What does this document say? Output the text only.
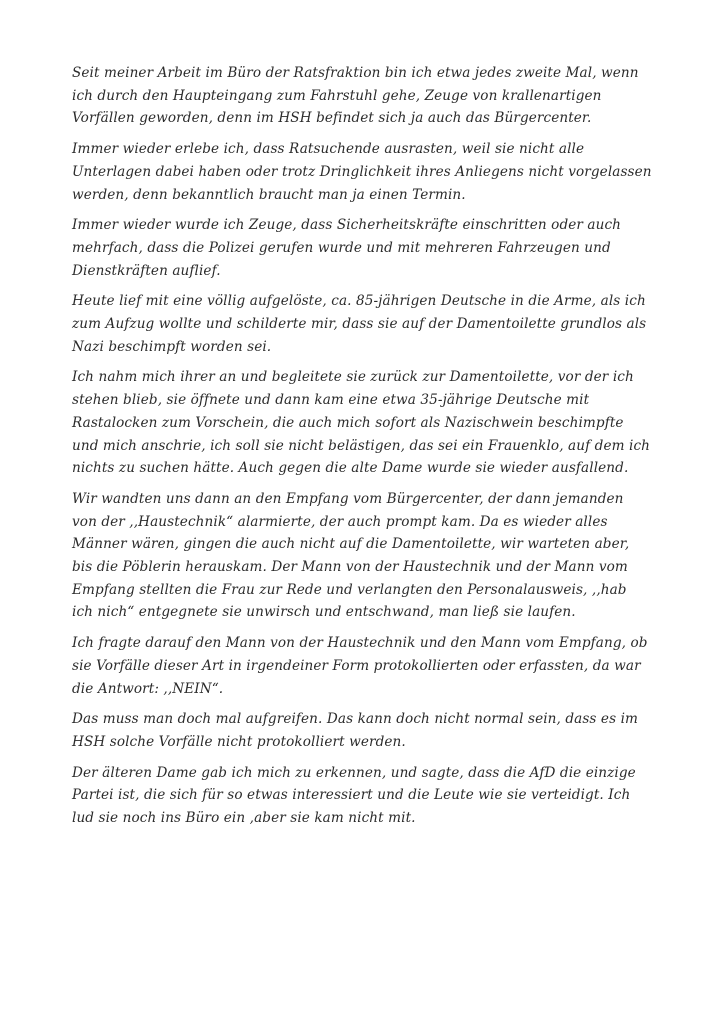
Seit meiner Arbeit im Büro der Ratsfraktion bin ich etwa jedes zweite Mal, wenn ich durch den Haupteingang zum Fahrstuhl gehe, Zeuge von krallenartigen Vorfällen geworden, denn im HSH befindet sich ja auch das Bürgercenter.

Immer wieder erlebe ich, dass Ratsuchende ausrasten, weil sie nicht alle Unterlagen dabei haben oder trotz Dringlichkeit ihres Anliegens nicht vorgelassen werden, denn bekanntlich braucht man ja einen Termin.

Immer wieder wurde ich Zeuge, dass Sicherheitskräfte einschritten oder auch mehrfach, dass die Polizei gerufen wurde und mit mehreren Fahrzeugen und Dienstkräften auflief.

Heute lief mit eine völlig aufgelöste, ca. 85-jährigen Deutsche in die Arme, als ich zum Aufzug wollte und schilderte mir, dass sie auf der Damentoilette grundlos als Nazi beschimpft worden sei.

Ich nahm mich ihrer an und begleitete sie zurück zur Damentoilette, vor der ich stehen blieb, sie öffnete und dann kam eine etwa 35-jährige Deutsche mit Rastalocken zum Vorschein, die auch mich sofort als Nazischwein beschimpfte und mich anschrie, ich soll sie nicht belästigen, das sei ein Frauenklo, auf dem ich nichts zu suchen hätte. Auch gegen die alte Dame wurde sie wieder ausfallend.

Wir wandten uns dann an den Empfang vom Bürgercenter, der dann jemanden von der ,,Haustechnik“ alarmierte, der auch prompt kam. Da es wieder alles Männer wären, gingen die auch nicht auf die Damentoilette, wir warteten aber, bis die Pöblerin herauskam. Der Mann von der Haustechnik und der Mann vom Empfang stellten die Frau zur Rede und verlangten den Personalausweis, ,,hab ich nich“ entgegnete sie unwirsch und entschwand, man ließ sie laufen.

Ich fragte darauf den Mann von der Haustechnik und den Mann vom Empfang, ob sie Vorfälle dieser Art in irgendeiner Form protokollierten oder erfassten, da war die Antwort: ,,NEIN“.

Das muss man doch mal aufgreifen. Das kann doch nicht normal sein, dass es im HSH solche Vorfälle nicht protokolliert werden.

Der älteren Dame gab ich mich zu erkennen, und sagte, dass die AfD die einzige Partei ist, die sich für so etwas interessiert und die Leute wie sie verteidigt. Ich lud sie noch ins Büro ein ,aber sie kam nicht mit.
